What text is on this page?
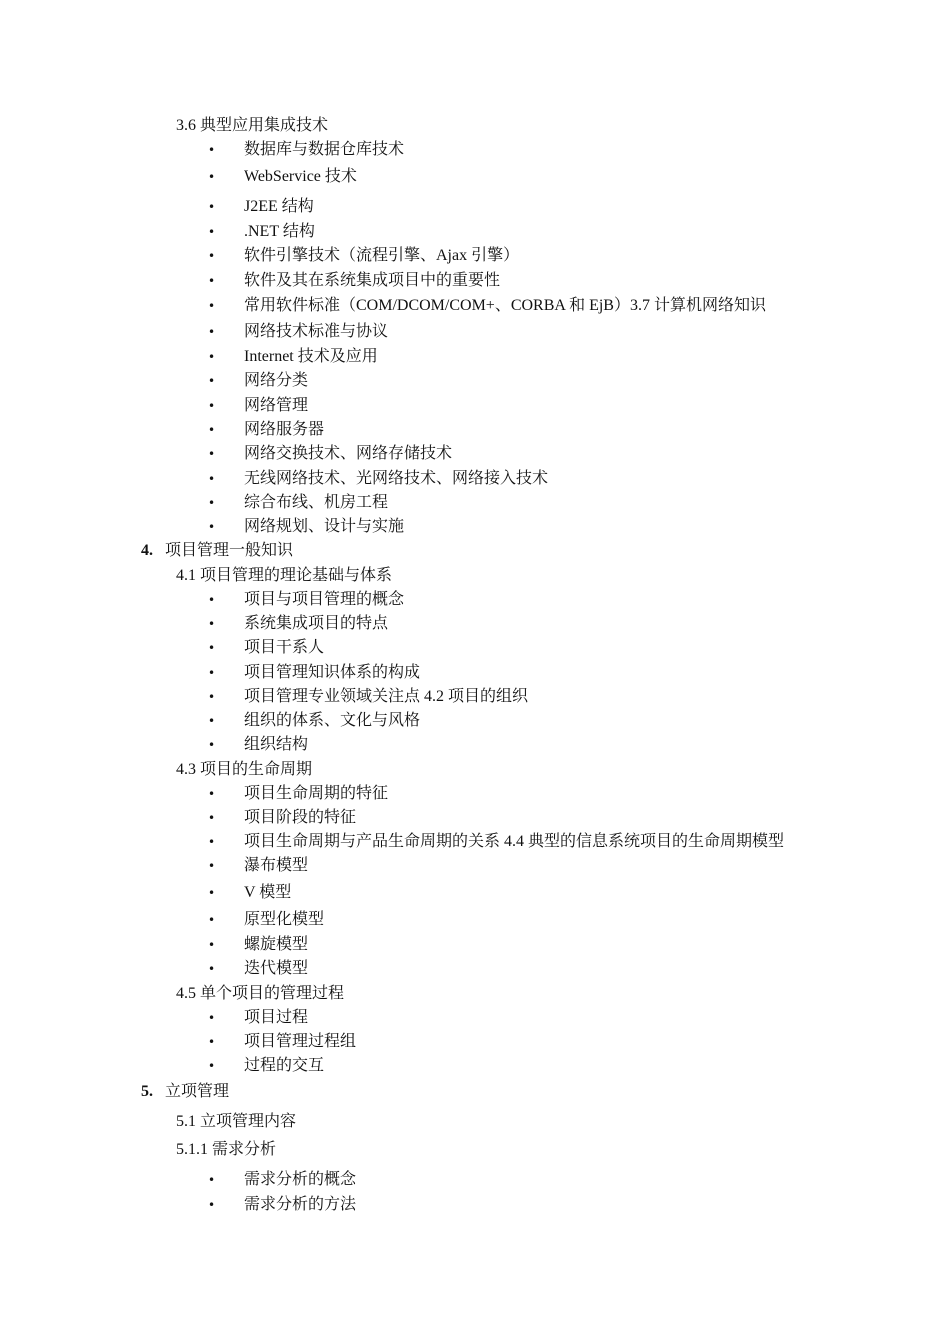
3.6 典型应用集成技术
• 数据库与数据仓库技术
• WebService 技术
• J2EE 结构
• .NET 结构
• 软件引擎技术（流程引擎、Ajax 引擎）
• 软件及其在系统集成项目中的重要性
• 常用软件标准（COM/DCOM/COM+、CORBA 和 EjB）3.7 计算机网络知识
• 网络技术标准与协议
• Internet 技术及应用
• 网络分类
• 网络管理
• 网络服务器
• 网络交换技术、网络存储技术
• 无线网络技术、光网络技术、网络接入技术
• 综合布线、机房工程
• 网络规划、设计与实施
4. 项目管理一般知识
4.1 项目管理的理论基础与体系
• 项目与项目管理的概念
• 系统集成项目的特点
• 项目干系人
• 项目管理知识体系的构成
• 项目管理专业领域关注点 4.2 项目的组织
• 组织的体系、文化与风格
• 组织结构
4.3 项目的生命周期
• 项目生命周期的特征
• 项目阶段的特征
• 项目生命周期与产品生命周期的关系 4.4 典型的信息系统项目的生命周期模型
• 瀑布模型
• V 模型
• 原型化模型
• 螺旋模型
• 迭代模型
4.5 单个项目的管理过程
• 项目过程
• 项目管理过程组
• 过程的交互
5. 立项管理
5.1 立项管理内容
5.1.1 需求分析
• 需求分析的概念
• 需求分析的方法
